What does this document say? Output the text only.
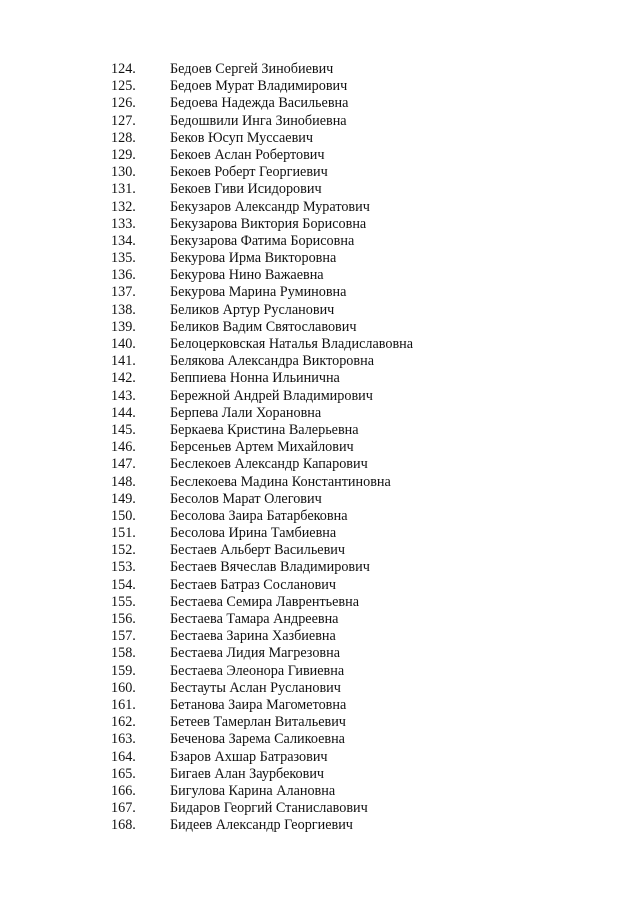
124. Бедоев Сергей Зинобиевич
125. Бедоев Мурат Владимирович
126. Бедоева Надежда Васильевна
127. Бедошвили Инга Зинобиевна
128. Беков Юсуп Муссаевич
129. Бекоев Аслан Робертович
130. Бекоев Роберт Георгиевич
131. Бекоев Гиви Исидорович
132. Бекузаров Александр Муратович
133. Бекузарова Виктория Борисовна
134. Бекузарова Фатима Борисовна
135. Бекурова Ирма Викторовна
136. Бекурова Нино Важаевна
137. Бекурова Марина Руминовна
138. Беликов Артур Русланович
139. Беликов Вадим Святославович
140. Белоцерковская Наталья Владиславовна
141. Белякова Александра Викторовна
142. Беппиева Нонна Ильинична
143. Бережной Андрей Владимирович
144. Берпева Лали Хорановна
145. Беркаева Кристина Валерьевна
146. Берсеньев Артем Михайлович
147. Беслекоев Александр Капарович
148. Беслекоева Мадина Константиновна
149. Бесолов Марат Олегович
150. Бесолова Заира Батарбековна
151. Бесолова Ирина Тамбиевна
152. Бестаев Альберт Васильевич
153. Бестаев Вячеслав Владимирович
154. Бестаев Батраз Сосланович
155. Бестаева Семира Лаврентьевна
156. Бестаева Тамара Андреевна
157. Бестаева Зарина Хазбиевна
158. Бестаева Лидия Магрезовна
159. Бестаева Элеонора Гивиевна
160. Бестауты Аслан Русланович
161. Бетанова Заира Магометовна
162. Бетеев Тамерлан Витальевич
163. Беченова Зарема Саликоевна
164. Бзаров Ахшар Батразович
165. Бигаев Алан Заурбекович
166. Бигулова Карина Алановна
167. Бидаров Георгий Станиславович
168. Бидеев Александр Георгиевич
